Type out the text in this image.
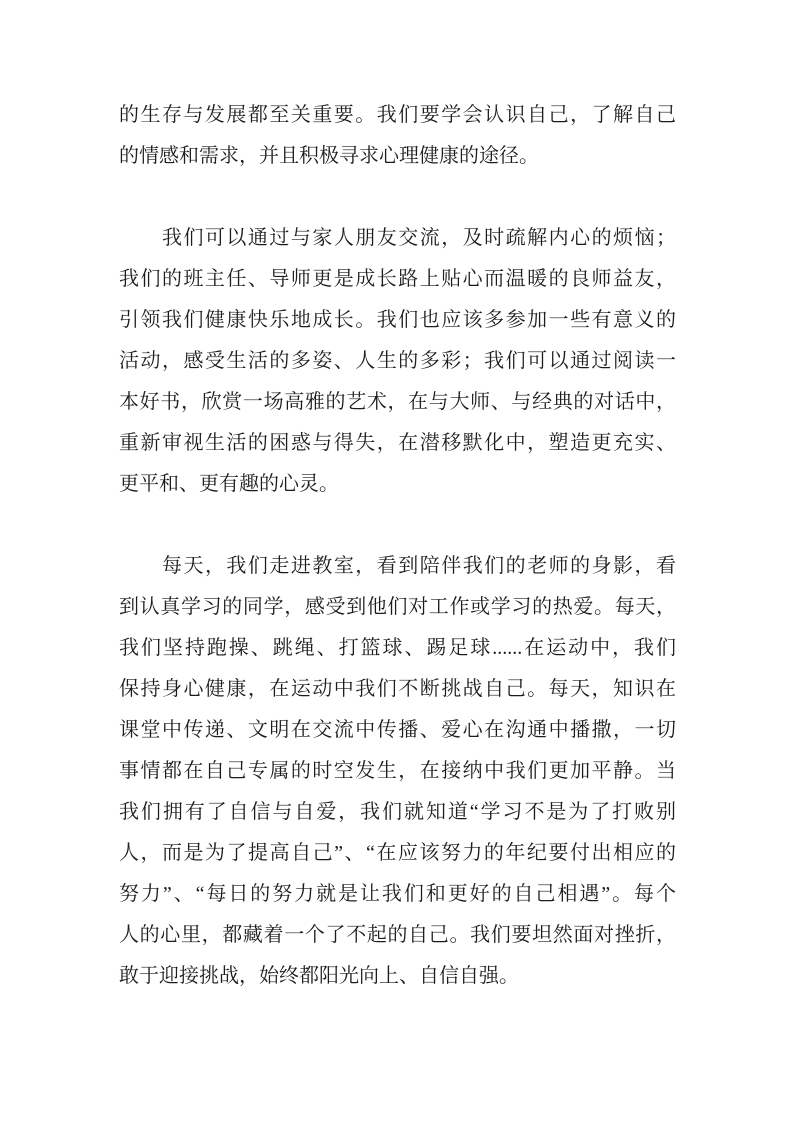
的生存与发展都至关重要。我们要学会认识自己，了解自己
的情感和需求，并且积极寻求心理健康的途径。
我们可以通过与家人朋友交流，及时疏解内心的烦恼；
我们的班主任、导师更是成长路上贴心而温暖的良师益友，
引领我们健康快乐地成长。我们也应该多参加一些有意义的
活动，感受生活的多姿、人生的多彩；我们可以通过阅读一
本好书，欣赏一场高雅的艺术，在与大师、与经典的对话中，
重新审视生活的困惑与得失，在潜移默化中，塑造更充实、
更平和、更有趣的心灵。
每天，我们走进教室，看到陪伴我们的老师的身影，看
到认真学习的同学，感受到他们对工作或学习的热爱。每天，
我们坚持跑操、跳绳、打篮球、踢足球......在运动中，我们
保持身心健康，在运动中我们不断挑战自己。每天，知识在
课堂中传递、文明在交流中传播、爱心在沟通中播撒，一切
事情都在自己专属的时空发生，在接纳中我们更加平静。当
我们拥有了自信与自爱，我们就知道“学习不是为了打败别
人，而是为了提高自己”、“在应该努力的年纪要付出相应的
努力”、“每日的努力就是让我们和更好的自己相遇”。每个
人的心里，都藏着一个了不起的自己。我们要坦然面对挫折，
敢于迎接挑战，始终都阳光向上、自信自强。
